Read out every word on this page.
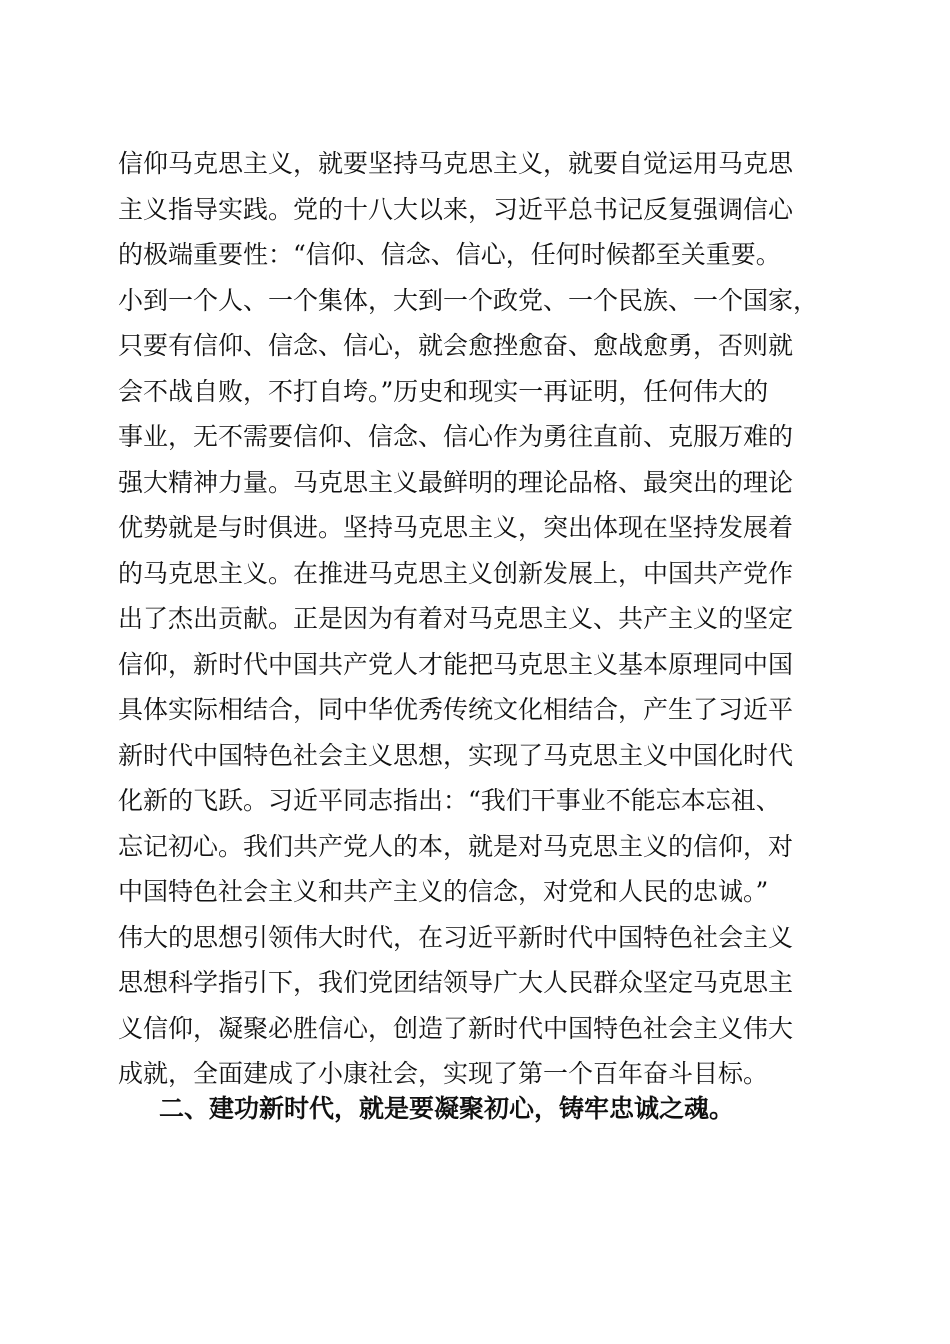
信仰马克思主义，就要坚持马克思主义，就要自觉运用马克思
主义指导实践。党的十八大以来，习近平总书记反复强调信心
的极端重要性：“信仰、信念、信心，任何时候都至关重要。
小到一个人、一个集体，大到一个政党、一个民族、一个国家，
只要有信仰、信念、信心，就会愈挫愈奋、愈战愈勇，否则就
会不战自败，不打自垮。”历史和现实一再证明，任何伟大的
事业，无不需要信仰、信念、信心作为勇往直前、克服万难的
强大精神力量。马克思主义最鲜明的理论品格、最突出的理论
优势就是与时俱进。坚持马克思主义，突出体现在坚持发展着
的马克思主义。在推进马克思主义创新发展上，中国共产党作
出了杰出贡献。正是因为有着对马克思主义、共产主义的坚定
信仰，新时代中国共产党人才能把马克思主义基本原理同中国
具体实际相结合，同中华优秀传统文化相结合，产生了习近平
新时代中国特色社会主义思想，实现了马克思主义中国化时代
化新的飞跃。习近平同志指出：“我们干事业不能忘本忘祖、
忘记初心。我们共产党人的本，就是对马克思主义的信仰，对
中国特色社会主义和共产主义的信念，对党和人民的忠诚。”
伟大的思想引领伟大时代，在习近平新时代中国特色社会主义
思想科学指引下，我们党团结领导广大人民群众坚定马克思主
义信仰，凝聚必胜信心，创造了新时代中国特色社会主义伟大
成就，全面建成了小康社会，实现了第一个百年奋斗目标。
二、建功新时代，就是要凝聚初心，铸牢忠诚之魂。
